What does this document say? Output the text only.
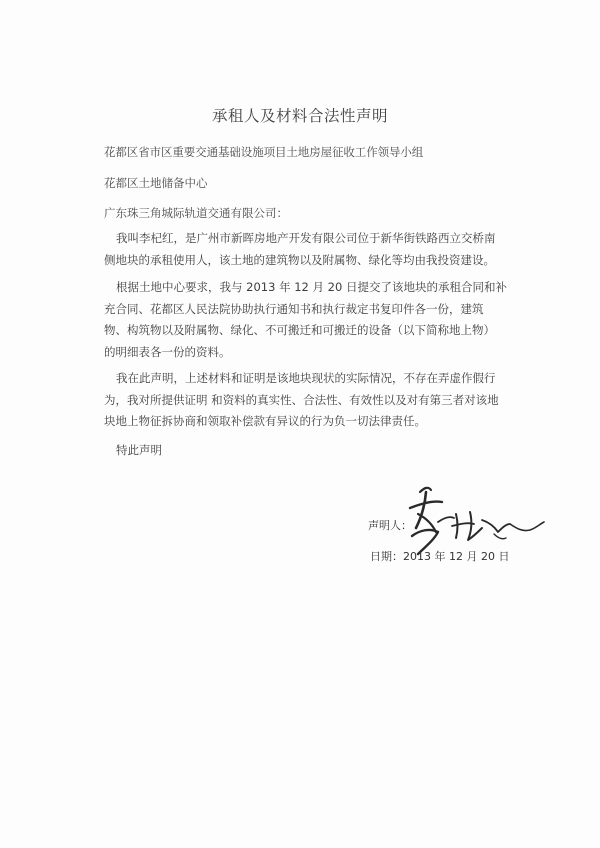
承租人及材料合法性声明
花都区省市区重要交通基础设施项目土地房屋征收工作领导小组
花都区土地储备中心
广东珠三角城际轨道交通有限公司：
我叫李杞红，是广州市新晖房地产开发有限公司位于新华街铁路西立交桥南
侧地块的承租使用人，该土地的建筑物以及附属物、绿化等均由我投资建设。
根据土地中心要求，我与 2013 年 12 月 20 日提交了该地块的承租合同和补
充合同、花都区人民法院协助执行通知书和执行裁定书复印件各一份，建筑
物、构筑物以及附属物、绿化、不可搬迁和可搬迁的设备（以下简称地上物）
的明细表各一份的资料。
我在此声明，上述材料和证明是该地块现状的实际情况，不存在弄虚作假行
为，我对所提供证明 和资料的真实性、合法性、有效性以及对有第三者对该地
块地上物征拆协商和领取补偿款有异议的行为负一切法律责任。
特此声明
声明人：
日期：2013 年 12 月 20 日
